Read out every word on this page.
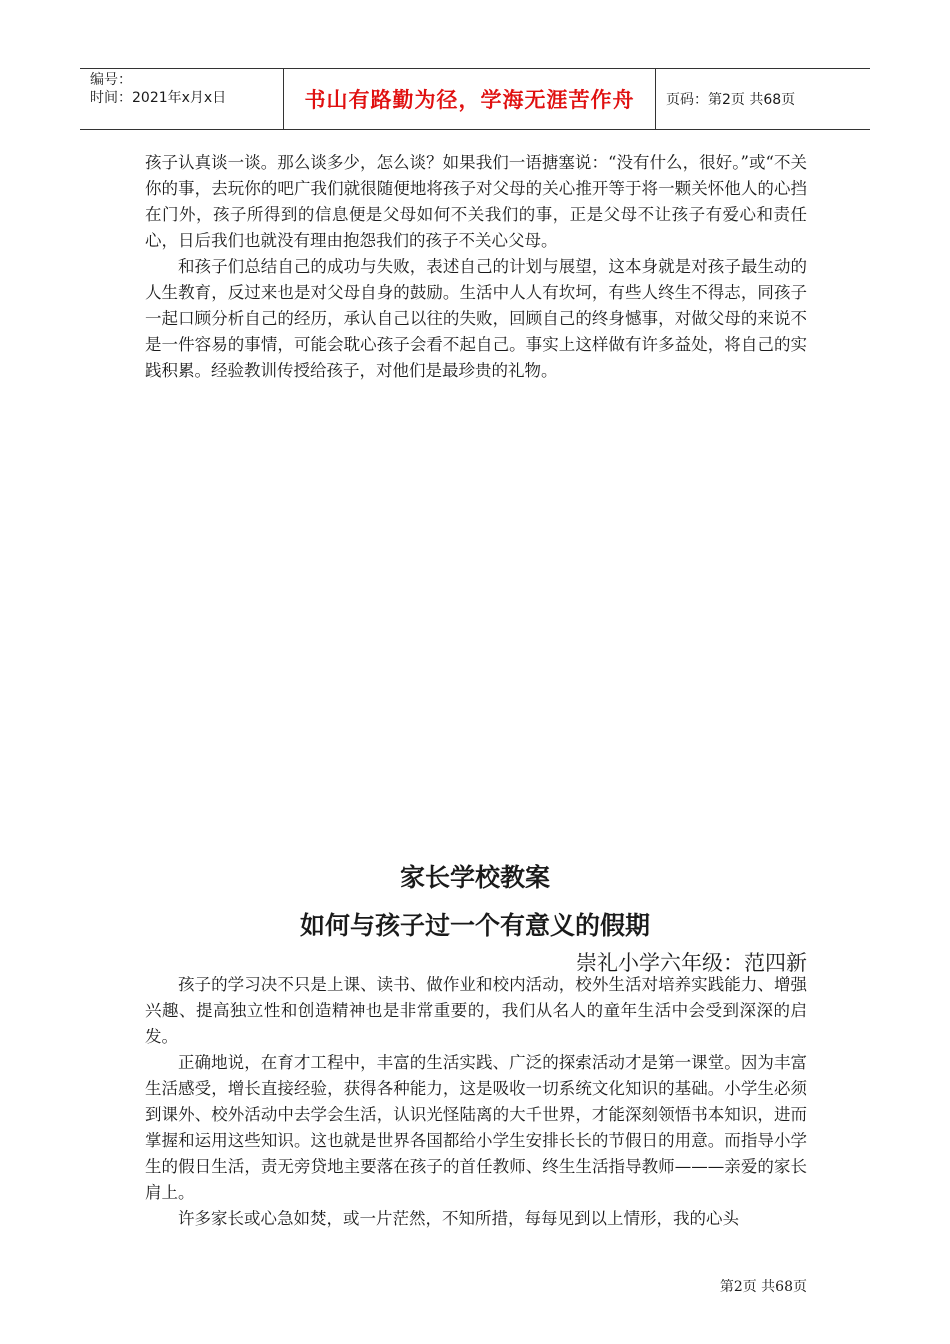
编号：
时间：2021年x月x日	书山有路勤为径，学海无涯苦作舟	页码：第2页 共68页

孩子认真谈一谈。那么谈多少，怎么谈？如果我们一语搪塞说：“没有什么，很好。”或“不关你的事，去玩你的吧广我们就很随便地将孩子对父母的关心推开等于将一颗关怀他人的心挡在门外，孩子所得到的信息便是父母如何不关我们的事，正是父母不让孩子有爱心和责任心，日后我们也就没有理由抱怨我们的孩子不关心父母。

和孩子们总结自己的成功与失败，表述自己的计划与展望，这本身就是对孩子最生动的人生教育，反过来也是对父母自身的鼓励。生活中人人有坎坷，有些人终生不得志，同孩子一起口顾分析自己的经历，承认自己以往的失败，回顾自己的终身憾事，对做父母的来说不是一件容易的事情，可能会耽心孩子会看不起自己。事实上这样做有许多益处，将自己的实践积累。经验教训传授给孩子，对他们是最珍贵的礼物。

家长学校教案
如何与孩子过一个有意义的假期
崇礼小学六年级：范四新

孩子的学习决不只是上课、读书、做作业和校内活动，校外生活对培养实践能力、增强兴趣、提高独立性和创造精神也是非常重要的，我们从名人的童年生活中会受到深深的启发。

正确地说，在育才工程中，丰富的生活实践、广泛的探索活动才是第一课堂。因为丰富生活感受，增长直接经验，获得各种能力，这是吸收一切系统文化知识的基础。小学生必须到课外、校外活动中去学会生活，认识光怪陆离的大千世界，才能深刻领悟书本知识，进而掌握和运用这些知识。这也就是世界各国都给小学生安排长长的节假日的用意。而指导小学生的假日生活，责无旁贷地主要落在孩子的首任教师、终生生活指导教师———亲爱的家长肩上。

许多家长或心急如焚，或一片茫然，不知所措，每每见到以上情形，我的心头

第2页 共68页
